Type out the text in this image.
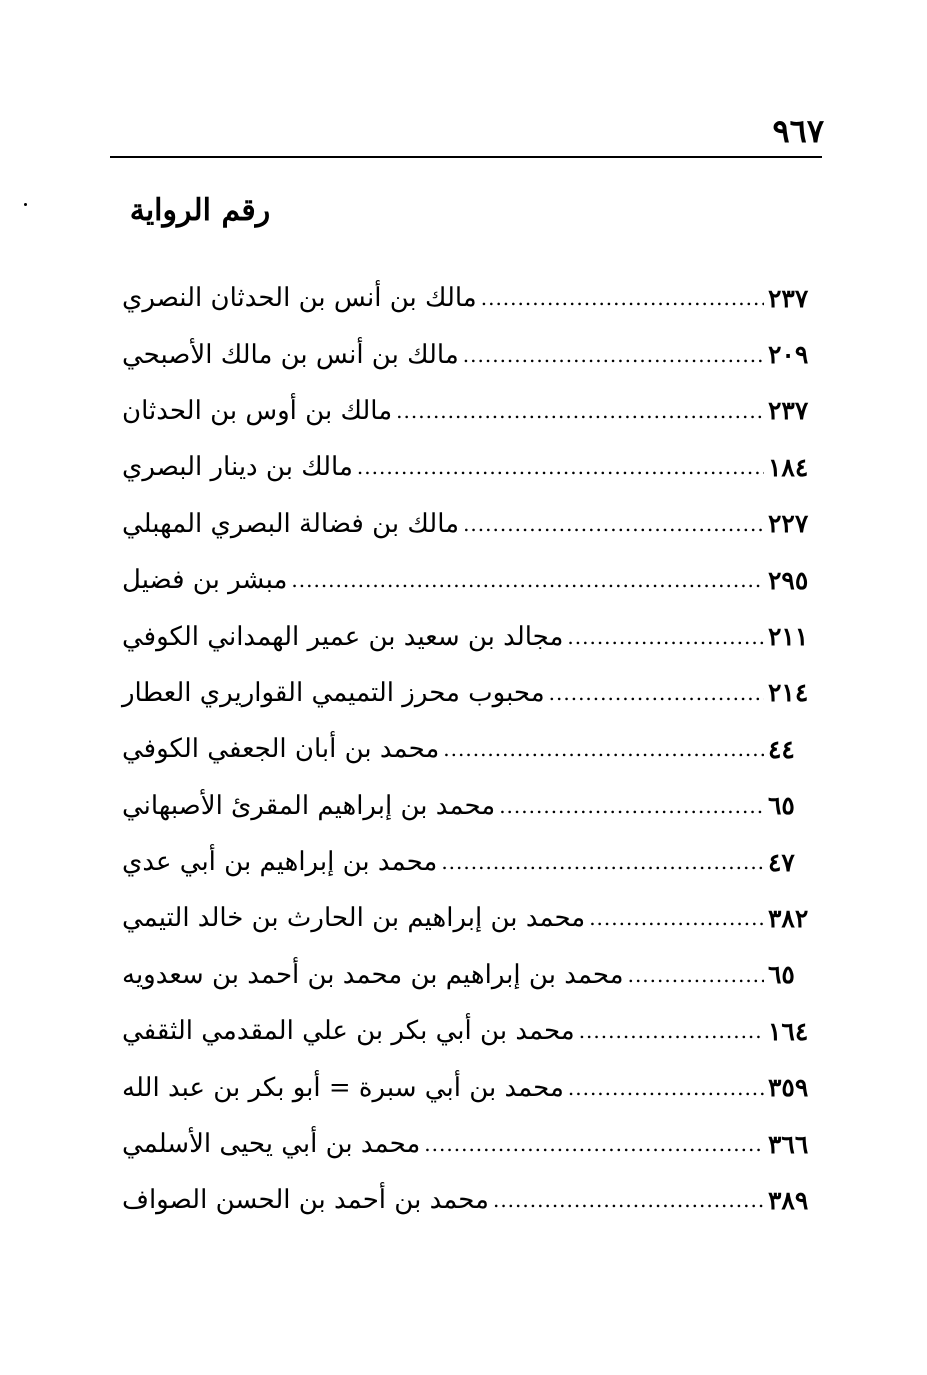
٩٦٧
رقم الرواية
مالك بن أنس بن الحدثان النصري .....	٢٣٧
مالك بن أنس بن مالك الأصبحي .....	٢٠٩
مالك بن أوس بن الحدثان .....	٢٣٧
مالك بن دينار البصري .....	١٨٤
مالك بن فضالة البصري المهبلي .....	٢٢٧
مبشر بن فضيل .....	٢٩٥
مجالد بن سعيد بن عمير الهمداني الكوفي .....	٢١١
محبوب محرز التميمي القواريري العطار .....	٢١٤
محمد بن أبان الجعفي الكوفي .....	٤٤
محمد بن إبراهيم المقرئ الأصبهاني .....	٦٥
محمد بن إبراهيم بن أبي عدي .....	٤٧
محمد بن إبراهيم بن الحارث بن خالد التيمي .....	٣٨٢
محمد بن إبراهيم بن محمد بن أحمد بن سعدويه .....	٦٥
محمد بن أبي بكر بن علي المقدمي الثقفي .....	١٦٤
محمد بن أبي سبرة = أبو بكر بن عبد الله .....	٣٥٩
محمد بن أبي يحيى الأسلمي .....	٣٦٦
محمد بن أحمد بن الحسن الصواف .....	٣٨٩
